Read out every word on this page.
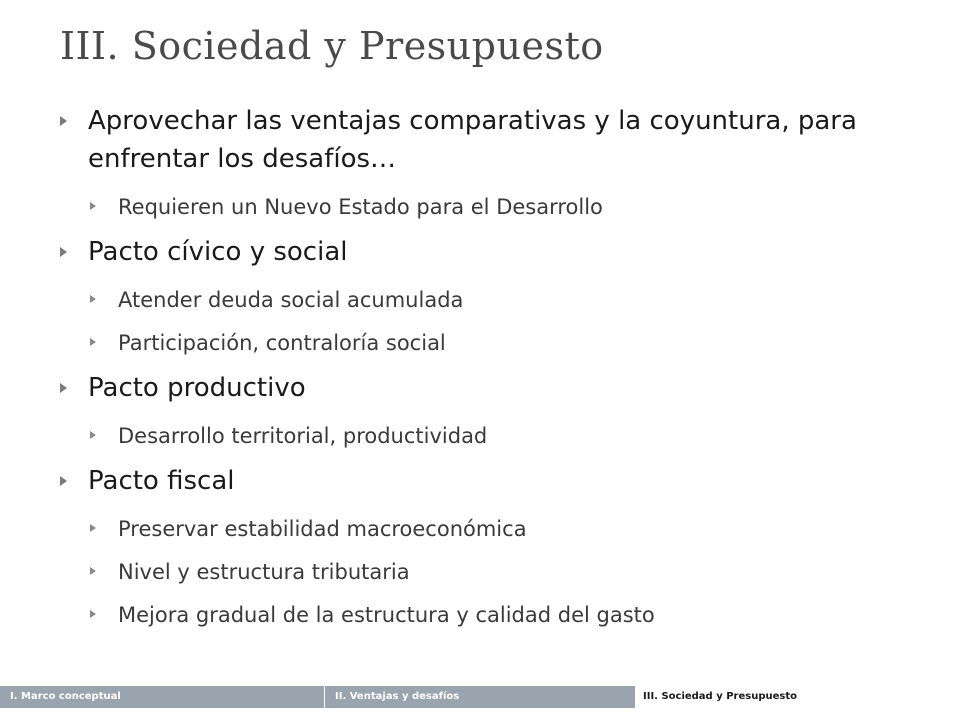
III. Sociedad y Presupuesto
Aprovechar las ventajas comparativas y la coyuntura, para enfrentar los desafíos…
Requieren un Nuevo Estado para el Desarrollo
Pacto cívico y social
Atender deuda social acumulada
Participación, contraloría social
Pacto productivo
Desarrollo territorial, productividad
Pacto fiscal
Preservar estabilidad macroeconómica
Nivel y estructura tributaria
Mejora gradual de la estructura y calidad del gasto
I. Marco conceptual	II. Ventajas y desafíos	III. Sociedad y Presupuesto
